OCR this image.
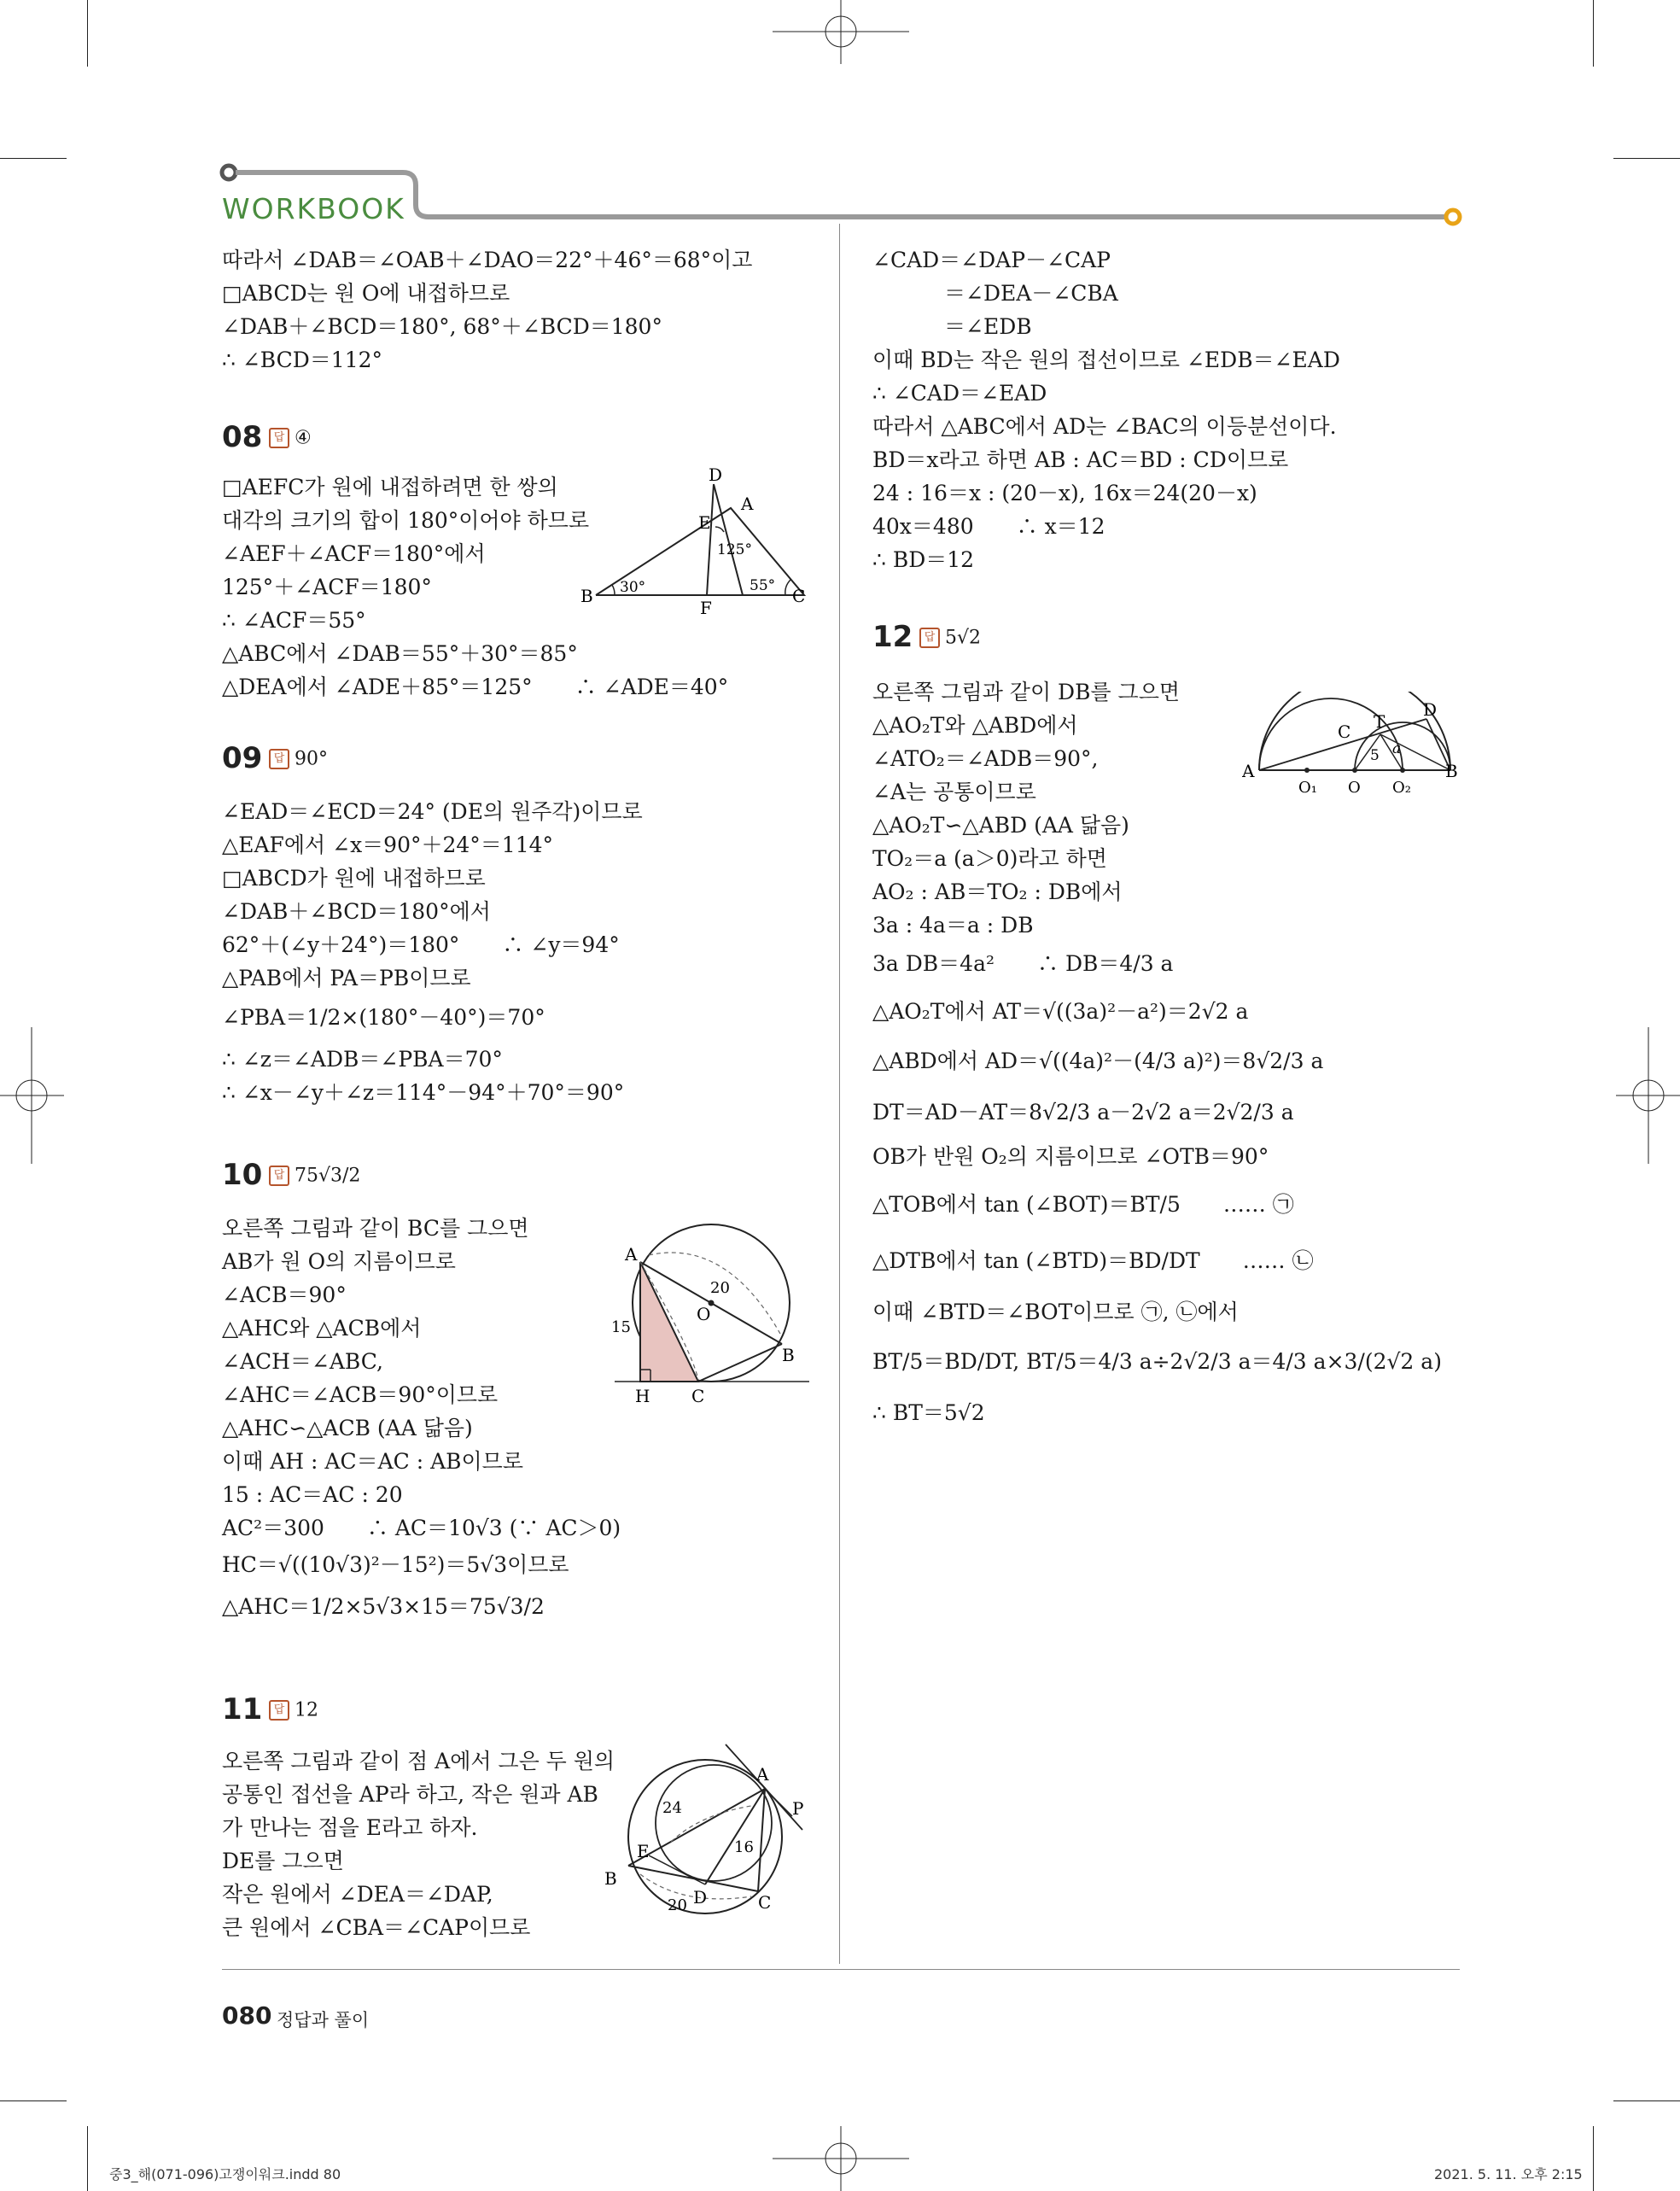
WORKBOOK
따라서 ∠DAB＝∠OAB＋∠DAO＝22°＋46°＝68°이고
□ABCD는 원 O에 내접하므로
∠DAB＋∠BCD＝180°, 68°＋∠BCD＝180°
∴ ∠BCD＝112°
08	답 ④
□AEFC가 원에 내접하려면 한 쌍의
대각의 크기의 합이 180°이어야 하므로
∠AEF＋∠ACF＝180°에서
125°＋∠ACF＝180°
∴ ∠ACF＝55°
△ABC에서 ∠DAB＝55°＋30°＝85°
△DEA에서 ∠ADE＋85°＝125°　　∴ ∠ADE＝40°
09	답 90°
∠EAD＝∠ECD＝24° (DE의 원주각)이므로
△EAF에서 ∠x＝90°＋24°＝114°
□ABCD가 원에 내접하므로
∠DAB＋∠BCD＝180°에서
62°＋(∠y＋24°)＝180°　　∴ ∠y＝94°
△PAB에서 PA＝PB이므로
∠PBA＝1/2×(180°－40°)＝70°
∴ ∠z＝∠ADB＝∠PBA＝70°
∴ ∠x－∠y＋∠z＝114°－94°＋70°＝90°
10	답 75√3/2
오른쪽 그림과 같이 BC를 그으면
AB가 원 O의 지름이므로
∠ACB＝90°
△AHC와 △ACB에서
∠ACH＝∠ABC,
∠AHC＝∠ACB＝90°이므로
△AHC∽△ACB (AA 닮음)
이때 AH : AC＝AC : AB이므로
15 : AC＝AC : 20
AC²＝300　　∴ AC＝10√3 (∵ AC＞0)
HC＝√((10√3)²－15²)＝5√3이므로
△AHC＝1/2×5√3×15＝75√3/2
11	답 12
오른쪽 그림과 같이 점 A에서 그은 두 원의
공통인 접선을 AP라 하고, 작은 원과 AB
가 만나는 점을 E라고 하자.
DE를 그으면
작은 원에서 ∠DEA＝∠DAP,
큰 원에서 ∠CBA＝∠CAP이므로
D
A
E
125°
B 30°
F
55° C
A
20
O
15
B
H C
A
P
24
E	16
B
20 D	C
∠CAD＝∠DAP－∠CAP
＝∠DEA－∠CBA
＝∠EDB
이때 BD는 작은 원의 접선이므로 ∠EDB＝∠EAD
∴ ∠CAD＝∠EAD
따라서 △ABC에서 AD는 ∠BAC의 이등분선이다.
BD＝x라고 하면 AB : AC＝BD : CD이므로
24 : 16＝x : (20－x), 16x＝24(20－x)
40x＝480　　∴ x＝12
∴ BD＝12
12	답 5√2
오른쪽 그림과 같이 DB를 그으면
△AO₂T와 △ABD에서
∠ATO₂＝∠ADB＝90°,
∠A는 공통이므로
△AO₂T∽△ABD (AA 닮음)
TO₂＝a (a＞0)라고 하면
AO₂ : AB＝TO₂ : DB에서
3a : 4a＝a : DB
3a DB＝4a²　　∴ DB＝4/3 a
△AO₂T에서 AT＝√((3a)²－a²)＝2√2 a
△ABD에서 AD＝√((4a)²－(4/3 a)²)＝8√2/3 a
DT＝AD－AT＝8√2/3 a－2√2 a＝2√2/3 a
OB가 반원 O₂의 지름이므로 ∠OTB＝90°
△TOB에서 tan (∠BOT)＝BT/5　　…… ㉠
△DTB에서 tan (∠BTD)＝BD/DT　　…… ㉡
이때 ∠BTD＝∠BOT이므로 ㉠, ㉡에서
BT/5＝BD/DT, BT/5＝4/3 a÷2√2/3 a＝4/3 a×3/(2√2 a)
∴ BT＝5√2
C T
D
5 a
A	B
O₁ O O₂
080 정답과 풀이
중3_해(071-096)고쟁이워크.indd 80	2021. 5. 11. 오후 2:15
